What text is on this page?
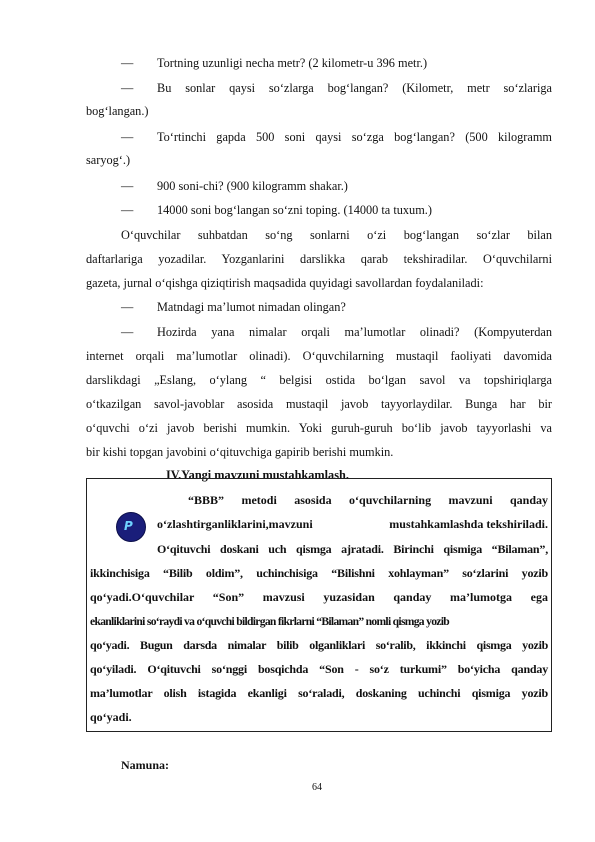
— Tortning uzunligi necha metr? (2 kilometr-u 396 metr.)
— Bu sonlar qaysi so‘zlarga bog‘langan? (Kilometr, metr so‘zlariga
bog‘langan.)
— To‘rtinchi gapda 500 soni qaysi so‘zga bog‘langan? (500 kilogramm
saryog‘.)
— 900 soni-chi? (900 kilogramm shakar.)
— 14000 soni bog‘langan so‘zni toping. (14000 ta tuxum.)
O‘quvchilar suhbatdan so‘ng sonlarni o‘zi bog‘langan so‘zlar bilan
daftarlariga yozadilar. Yozganlarini darslikka qarab tekshiradilar. O‘quvchilarni
gazeta, jurnal o‘qishga qiziqtirish maqsadida quyidagi savollardan foydalaniladi:
— Matndagi ma’lumot nimadan olingan?
— Hozirda yana nimalar orqali ma’lumotlar olinadi? (Kompyuterdan
internet orqali ma’lumotlar olinadi). O‘quvchilarning mustaqil faoliyati davomida
darslikdagi „Eslang, o‘ylang “ belgisi ostida bo‘lgan savol va topshiriqlarga
o‘tkazilgan savol-javoblar asosida mustaqil javob tayyorlaydilar. Bunga har bir
o‘quvchi o‘zi javob berishi mumkin. Yoki guruh-guruh bo‘lib javob tayyorlashi va
bir kishi topgan javobini o‘qituvchiga gapirib berishi mumkin.
IV.Yangi mavzuni mustahkamlash.
P
“BBB” metodi asosida o‘quvchilarning mavzuni qanday
o‘zlashtirganliklarini,mavzuni	mustahkamlashda tekshiriladi.
O‘qituvchi doskani uch qismga ajratadi. Birinchi qismiga “Bilaman”,
ikkinchisiga “Bilib oldim”, uchinchisiga “Bilishni xohlayman” so‘zlarini yozib
qo‘yadi.O‘quvchilar “Son” mavzusi yuzasidan qanday ma’lumotga ega
ekanliklarini so‘raydi va o‘quvchi bildirgan fikrlarni “Bilaman” nomli qismga yozib
qo‘yadi. Bugun darsda nimalar bilib olganliklari so‘ralib, ikkinchi qismga yozib
qo‘yiladi. O‘qituvchi so‘nggi bosqichda “Son - so‘z turkumi” bo‘yicha qanday
ma’lumotlar olish istagida ekanligi so‘raladi, doskaning uchinchi qismiga yozib
qo‘yadi.
Namuna:
64
